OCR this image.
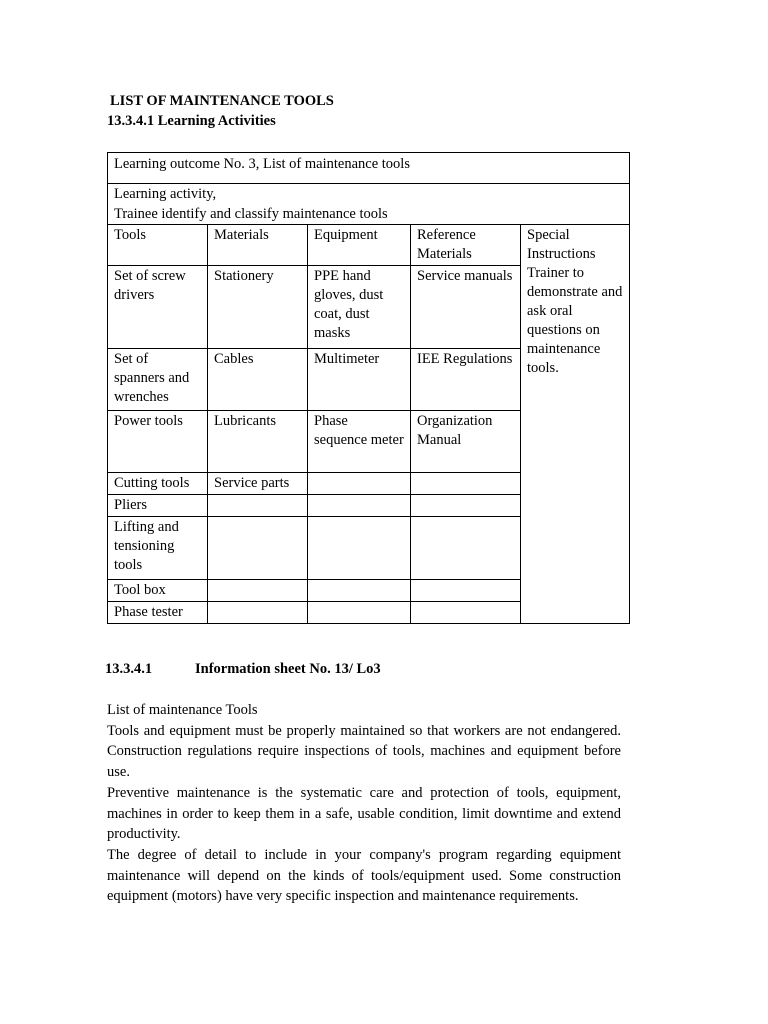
LIST OF MAINTENANCE TOOLS
13.3.4.1 Learning Activities
Learning outcome No. 3, List of maintenance tools				

Learning activity,
Trainee identify and classify maintenance tools				

Tools	Materials	Equipment	Reference Materials	Special Instructions Trainer to demonstrate and ask oral questions on maintenance tools.
Set of screw drivers	Stationery	PPE hand gloves, dust coat, dust masks	Service manuals	
Set of spanners and wrenches	Cables	Multimeter	IEE Regulations	
Power tools	Lubricants	Phase sequence meter	Organization Manual	
Cutting tools	Service parts			
Pliers				
Lifting and tensioning tools				
Tool box				
Phase tester				
13.3.4.1	Information sheet No. 13/ Lo3

List of maintenance Tools

Tools and equipment must be properly maintained so that workers are not endangered. Construction regulations require inspections of tools, machines and equipment before use.

Preventive maintenance is the systematic care and protection of tools, equipment, machines in order to keep them in a safe, usable condition, limit downtime and extend productivity.

The degree of detail to include in your company's program regarding equipment maintenance will depend on the kinds of tools/equipment used. Some construction equipment (motors) have very specific inspection and maintenance requirements.
